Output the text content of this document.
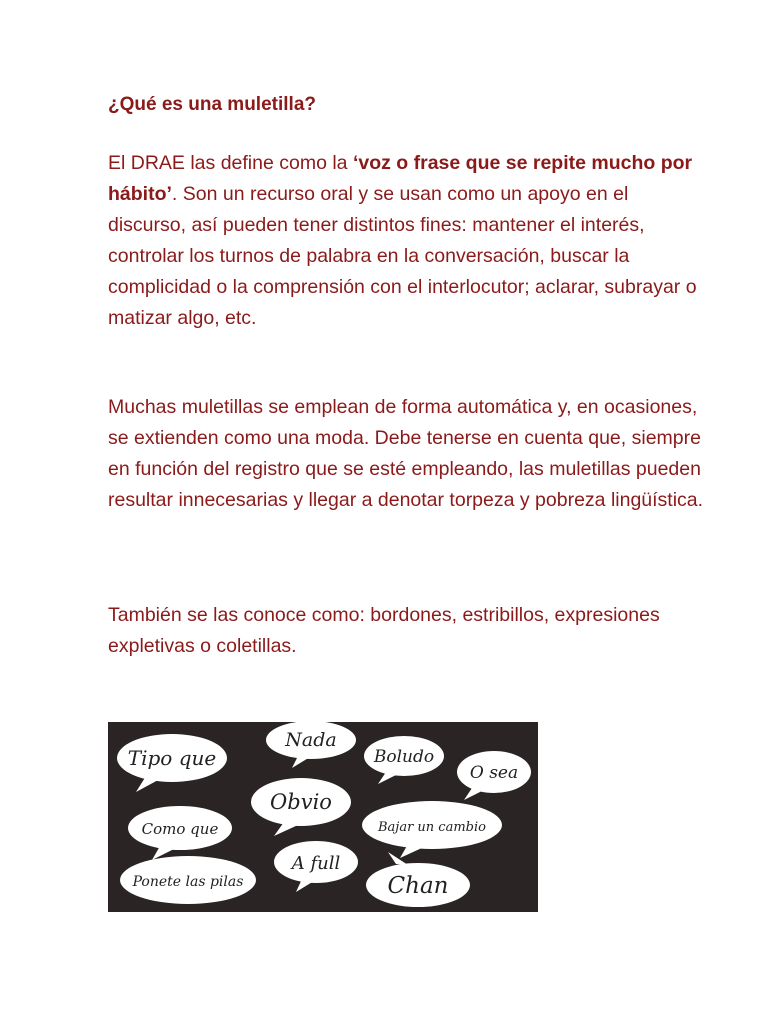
¿Qué es una muletilla?

El DRAE las define como la ‘voz o frase que se repite mucho por hábito’. Son un recurso oral y se usan como un apoyo en el discurso, así pueden tener distintos fines: mantener el interés, controlar los turnos de palabra en la conversación, buscar la complicidad o la comprensión con el interlocutor; aclarar, subrayar o matizar algo, etc.

Muchas muletillas se emplean de forma automática y, en ocasiones, se extienden como una moda. Debe tenerse en cuenta que, siempre en función del registro que se esté empleando, las muletillas pueden resultar innecesarias y llegar a denotar torpeza y pobreza lingüística.

También se las conoce como: bordones, estribillos, expresiones expletivas o coletillas.

Tipo que
Nada
Boludo
O sea
Obvio
Como que	Bajar un cambio
A full
Ponete las pilas	Chan
